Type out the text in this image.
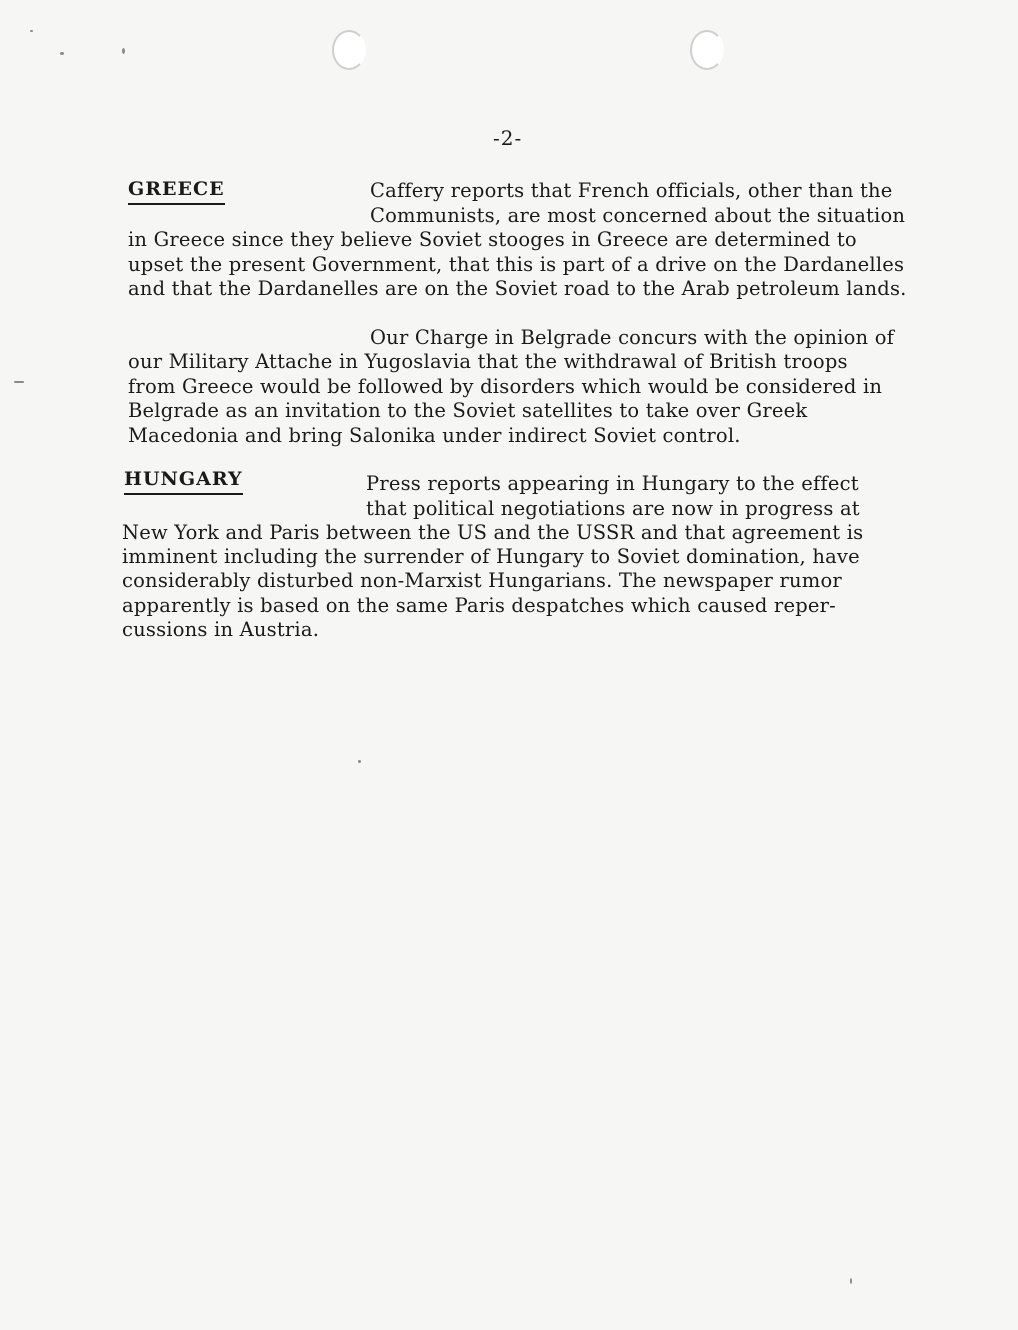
-2-
GREECE	Caffery reports that French officials, other than the
Communists, are most concerned about the situation
in Greece since they believe Soviet stooges in Greece are determined to
upset the present Government, that this is part of a drive on the Dardanelles
and that the Dardanelles are on the Soviet road to the Arab petroleum lands.
Our Charge in Belgrade concurs with the opinion of
our Military Attache in Yugoslavia that the withdrawal of British troops
from Greece would be followed by disorders which would be considered in
Belgrade as an invitation to the Soviet satellites to take over Greek
Macedonia and bring Salonika under indirect Soviet control.
HUNGARY	Press reports appearing in Hungary to the effect
that political negotiations are now in progress at
New York and Paris between the US and the USSR and that agreement is
imminent including the surrender of Hungary to Soviet domination, have
considerably disturbed non-Marxist Hungarians. The newspaper rumor
apparently is based on the same Paris despatches which caused reper-
cussions in Austria.
